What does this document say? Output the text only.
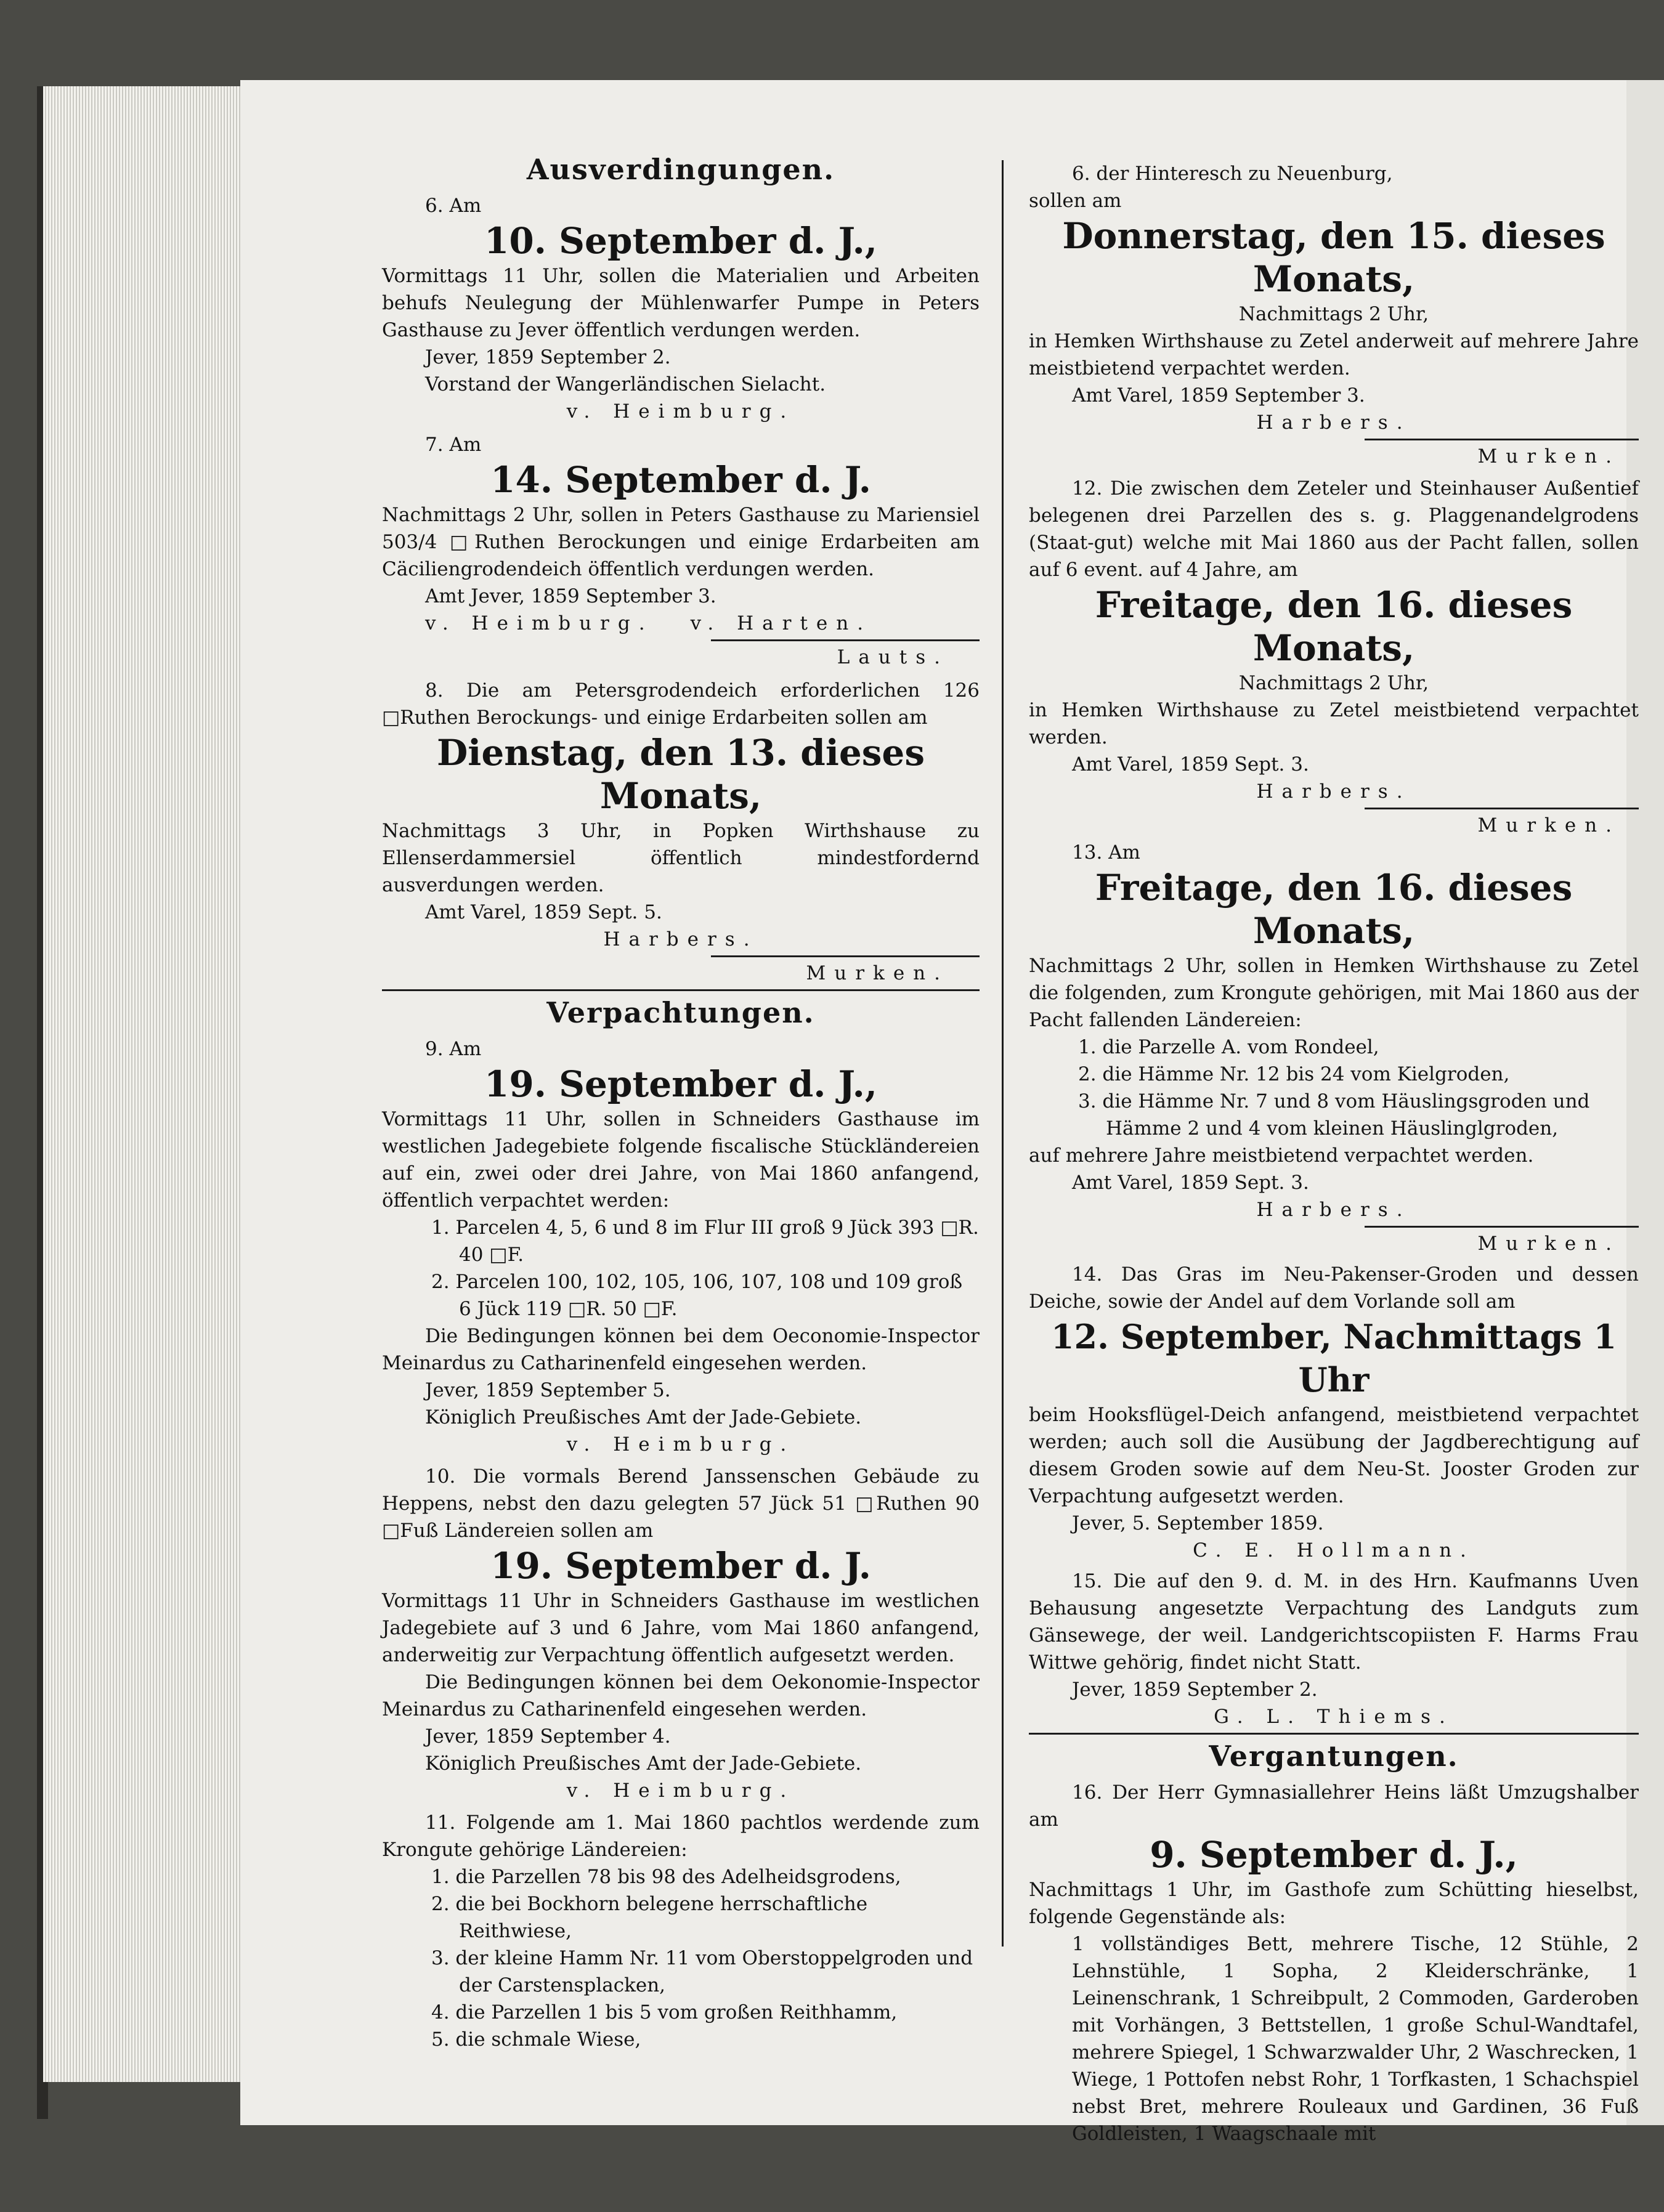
Ausverdingungen.

6. Am

10. September d. J.,

Vormittags 11 Uhr, sollen die Materialien und Arbeiten behufs Neulegung der Mühlenwarfer Pumpe in Peters Gasthause zu Jever öffentlich verdungen werden.

Jever, 1859 September 2.

Vorstand der Wangerländischen Sielacht.

v. Heimburg.

7. Am

14. September d. J.

Nachmittags 2 Uhr, sollen in Peters Gasthause zu Mariensiel 503/4 □Ruthen Berockungen und einige Erdarbeiten am Cäciliengrodendeich öffentlich verdungen werden.

Amt Jever, 1859 September 3.

v. Heimburg. v. Harten.

Lauts.

8. Die am Petersgrodendeich erforderlichen 126 □Ruthen Berockungs- und einige Erdarbeiten sollen am

Dienstag, den 13. dieses Monats,

Nachmittags 3 Uhr, in Popken Wirthshause zu Ellenserdammersiel öffentlich mindestfordernd ausverdungen werden.

Amt Varel, 1859 Sept. 5.

Harbers.

Murken.

Verpachtungen.

9. Am

19. September d. J.,

Vormittags 11 Uhr, sollen in Schneiders Gasthause im westlichen Jadegebiete folgende fiscalische Stückländereien auf ein, zwei oder drei Jahre, von Mai 1860 anfangend, öffentlich verpachtet werden:

1. Parcelen 4, 5, 6 und 8 im Flur III groß 9 Jück 393 □R. 40 □F.
2. Parcelen 100, 102, 105, 106, 107, 108 und 109 groß 6 Jück 119 □R. 50 □F.

Die Bedingungen können bei dem Oeconomie-Inspector Meinardus zu Catharinenfeld eingesehen werden.

Jever, 1859 September 5.

Königlich Preußisches Amt der Jade-Gebiete.

v. Heimburg.

10. Die vormals Berend Janssenschen Gebäude zu Heppens, nebst den dazu gelegten 57 Jück 51 □Ruthen 90 □Fuß Ländereien sollen am

19. September d. J.

Vormittags 11 Uhr in Schneiders Gasthause im westlichen Jadegebiete auf 3 und 6 Jahre, vom Mai 1860 anfangend, anderweitig zur Verpachtung öffentlich aufgesetzt werden.

Die Bedingungen können bei dem Oekonomie-Inspector Meinardus zu Catharinenfeld eingesehen werden.

Jever, 1859 September 4.

Königlich Preußisches Amt der Jade-Gebiete.

v. Heimburg.

11. Folgende am 1. Mai 1860 pachtlos werdende zum Krongute gehörige Ländereien:

1. die Parzellen 78 bis 98 des Adelheidsgrodens,
2. die bei Bockhorn belegene herrschaftliche Reithwiese,
3. der kleine Hamm Nr. 11 vom Oberstoppelgroden und der Carstensplacken,
4. die Parzellen 1 bis 5 vom großen Reithhamm,
5. die schmale Wiese,

6. der Hinteresch zu Neuenburg,

sollen am

Donnerstag, den 15. dieses Monats,

Nachmittags 2 Uhr,

in Hemken Wirthshause zu Zetel anderweit auf mehrere Jahre meistbietend verpachtet werden.

Amt Varel, 1859 September 3.

Harbers.

Murken.

12. Die zwischen dem Zeteler und Steinhauser Außentief belegenen drei Parzellen des s. g. Plaggenandelgrodens (Staat-gut) welche mit Mai 1860 aus der Pacht fallen, sollen auf 6 event. auf 4 Jahre, am

Freitage, den 16. dieses Monats,

Nachmittags 2 Uhr,

in Hemken Wirthshause zu Zetel meistbietend verpachtet werden.

Amt Varel, 1859 Sept. 3.

Harbers.

Murken.

13. Am

Freitage, den 16. dieses Monats,

Nachmittags 2 Uhr, sollen in Hemken Wirthshause zu Zetel die folgenden, zum Krongute gehörigen, mit Mai 1860 aus der Pacht fallenden Ländereien:

1. die Parzelle A. vom Rondeel,
2. die Hämme Nr. 12 bis 24 vom Kielgroden,
3. die Hämme Nr. 7 und 8 vom Häuslingsgroden und Hämme 2 und 4 vom kleinen Häuslinglgroden,

auf mehrere Jahre meistbietend verpachtet werden.

Amt Varel, 1859 Sept. 3.

Harbers.

Murken.

14. Das Gras im Neu-Pakenser-Groden und dessen Deiche, sowie der Andel auf dem Vorlande soll am

12. September, Nachmittags 1 Uhr

beim Hooksflügel-Deich anfangend, meistbietend verpachtet werden; auch soll die Ausübung der Jagdberechtigung auf diesem Groden sowie auf dem Neu-St. Jooster Groden zur Verpachtung aufgesetzt werden.

Jever, 5. September 1859.

C. E. Hollmann.

15. Die auf den 9. d. M. in des Hrn. Kaufmanns Uven Behausung angesetzte Verpachtung des Landguts zum Gänsewege, der weil. Landgerichtscopiisten F. Harms Frau Wittwe gehörig, findet nicht Statt.

Jever, 1859 September 2.

G. L. Thiems.

Vergantungen.

16. Der Herr Gymnasiallehrer Heins läßt Umzugshalber am

9. September d. J.,

Nachmittags 1 Uhr, im Gasthofe zum Schütting hieselbst, folgende Gegenstände als:

1 vollständiges Bett, mehrere Tische, 12 Stühle, 2 Lehnstühle, 1 Sopha, 2 Kleiderschränke, 1 Leinenschrank, 1 Schreibpult, 2 Commoden, Garderoben mit Vorhängen, 3 Bettstellen, 1 große Schul-Wandtafel, mehrere Spiegel, 1 Schwarzwalder Uhr, 2 Waschrecken, 1 Wiege, 1 Pottofen nebst Rohr, 1 Torfkasten, 1 Schachspiel nebst Bret, mehrere Rouleaux und Gardinen, 36 Fuß Goldleisten, 1 Waagschaale mit
